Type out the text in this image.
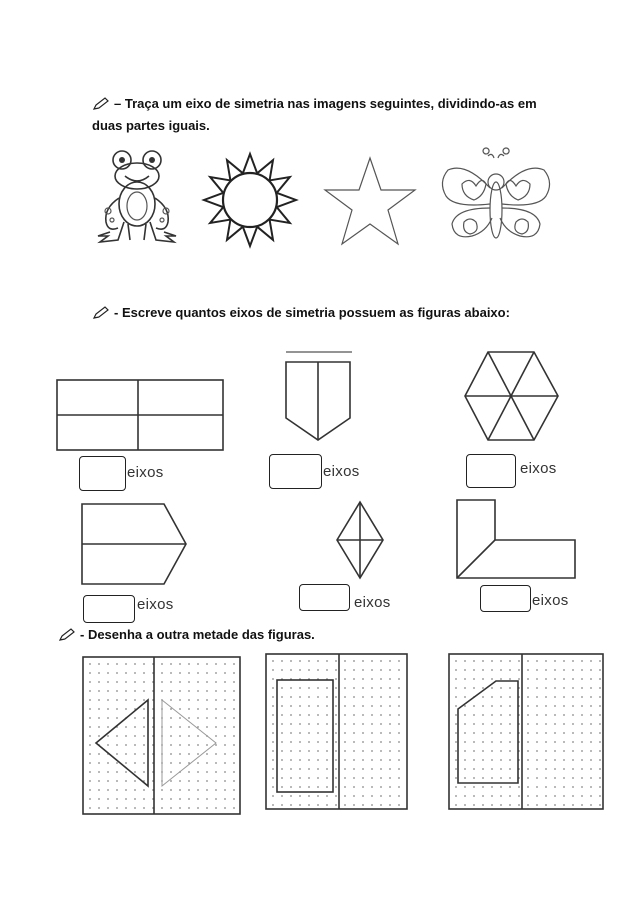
– Traça um eixo de simetria nas imagens seguintes, dividindo-as em
duas partes iguais.
- Escreve quantos eixos de simetria possuem as figuras abaixo:
eixos	eixos	eixos
eixos	eixos	eixos
- Desenha a outra metade das figuras.
